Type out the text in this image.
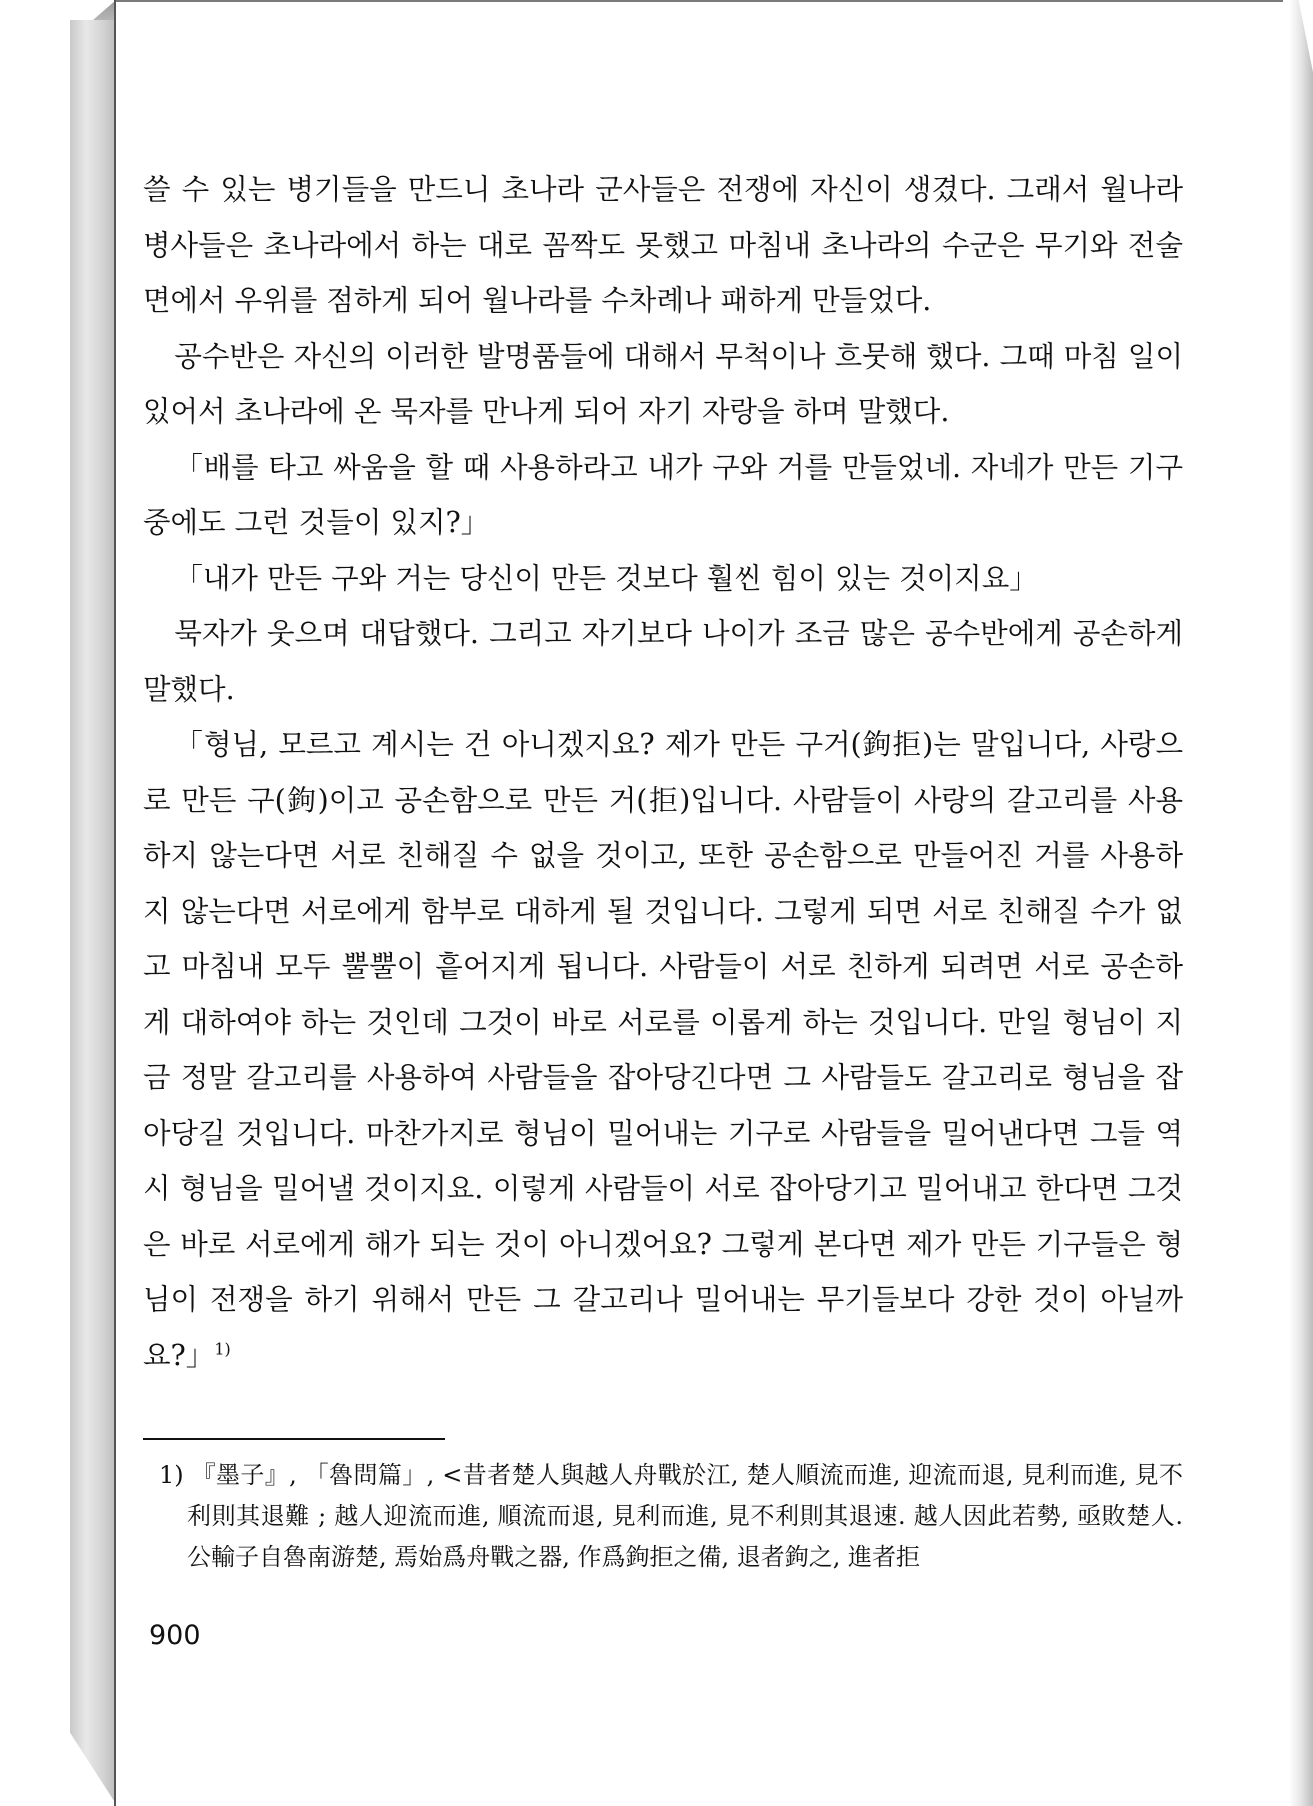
쓸 수 있는 병기들을 만드니 초나라 군사들은 전쟁에 자신이 생겼다. 그래서 월나라 병사들은 초나라에서 하는 대로 꼼짝도 못했고 마침내 초나라의 수군은 무기와 전술 면에서 우위를 점하게 되어 월나라를 수차례나 패하게 만들었다.

공수반은 자신의 이러한 발명품들에 대해서 무척이나 흐뭇해 했다. 그때 마침 일이 있어서 초나라에 온 묵자를 만나게 되어 자기 자랑을 하며 말했다.

「배를 타고 싸움을 할 때 사용하라고 내가 구와 거를 만들었네. 자네가 만든 기구 중에도 그런 것들이 있지?」

「내가 만든 구와 거는 당신이 만든 것보다 훨씬 힘이 있는 것이지요」

묵자가 웃으며 대답했다. 그리고 자기보다 나이가 조금 많은 공수반에게 공손하게 말했다.

「형님, 모르고 계시는 건 아니겠지요? 제가 만든 구거(鉤拒)는 말입니다, 사랑으로 만든 구(鉤)이고 공손함으로 만든 거(拒)입니다. 사람들이 사랑의 갈고리를 사용하지 않는다면 서로 친해질 수 없을 것이고, 또한 공손함으로 만들어진 거를 사용하지 않는다면 서로에게 함부로 대하게 될 것입니다. 그렇게 되면 서로 친해질 수가 없고 마침내 모두 뿔뿔이 흩어지게 됩니다. 사람들이 서로 친하게 되려면 서로 공손하게 대하여야 하는 것인데 그것이 바로 서로를 이롭게 하는 것입니다. 만일 형님이 지금 정말 갈고리를 사용하여 사람들을 잡아당긴다면 그 사람들도 갈고리로 형님을 잡아당길 것입니다. 마찬가지로 형님이 밀어내는 기구로 사람들을 밀어낸다면 그들 역시 형님을 밀어낼 것이지요. 이렇게 사람들이 서로 잡아당기고 밀어내고 한다면 그것은 바로 서로에게 해가 되는 것이 아니겠어요? 그렇게 본다면 제가 만든 기구들은 형님이 전쟁을 하기 위해서 만든 그 갈고리나 밀어내는 무기들보다 강한 것이 아닐까요?」$^{1)}$

1) 『墨子』, 「魯問篇」, <昔者楚人與越人舟戰於江, 楚人順流而進, 迎流而退, 見利而進, 見不利則其退難 ; 越人迎流而進, 順流而退, 見利而進, 見不利則其退速. 越人因此若勢, 亟敗楚人. 公輸子自魯南游楚, 焉始爲舟戰之器, 作爲鉤拒之備, 退者鉤之, 進者拒

900
